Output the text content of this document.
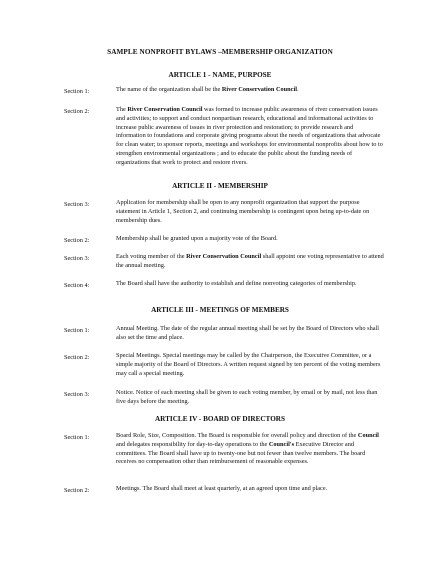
SAMPLE NONPROFIT BYLAWS –MEMBERSHIP ORGANIZATION
ARTICLE 1 - NAME, PURPOSE
Section 1:	The name of the organization shall be the River Conservation Council.
Section 2:	The River Conservation Council was formed to increase public awareness of river conservation issues and activities; to support and conduct nonpartisan research, educational and informational activities to increase public awareness of issues in river protection and restoration; to provide research and information to foundations and corporate giving programs about the needs of organizations that advocate for clean water; to sponsor reports, meetings and workshops for environmental nonprofits about how to to strengthen environmental organizations ; and to educate the public about the funding needs of organizations that work to protect and restore rivers.
ARTICLE II - MEMBERSHIP
Section 3:	Application for membership shall be open to any nonprofit organization that support the purpose statement in Article 1, Section 2, and continuing membership is contingent upon being up-to-date on membership dues.
Section 2:	Membership shall be granted upon a majority vote of the Board.
Section 3:	Each voting member of the River Conservation Council shall appoint one voting representative to attend the annual meeting.
Section 4:	The Board shall have the authority to establish and define nonvoting categories of membership.
ARTICLE III - MEETINGS OF MEMBERS
Section 1:	Annual Meeting. The date of the regular annual meeting shall be set by the Board of Directors who shall also set the time and place.
Section 2:	Special Meetings. Special meetings may be called by the Chairperson, the Executive Committee, or a simple majority of the Board of Directors. A written request signed by ten percent of the voting members may call a special meeting.
Section 3:	Notice. Notice of each meeting shall be given to each voting member, by email or by mail, not less than five days before the meeting.
ARTICLE IV - BOARD OF DIRECTORS
Section 1:	Board Role, Size, Composition. The Board is responsible for overall policy and direction of the Council and delegates responsibility for day-to-day operations to the Council's Executive Director and committees. The Board shall have up to twenty-one but not fewer than twelve members. The board receives no compensation other than reimbursement of reasonable expenses.
Section 2:	Meetings. The Board shall meet at least quarterly, at an agreed upon time and place.
